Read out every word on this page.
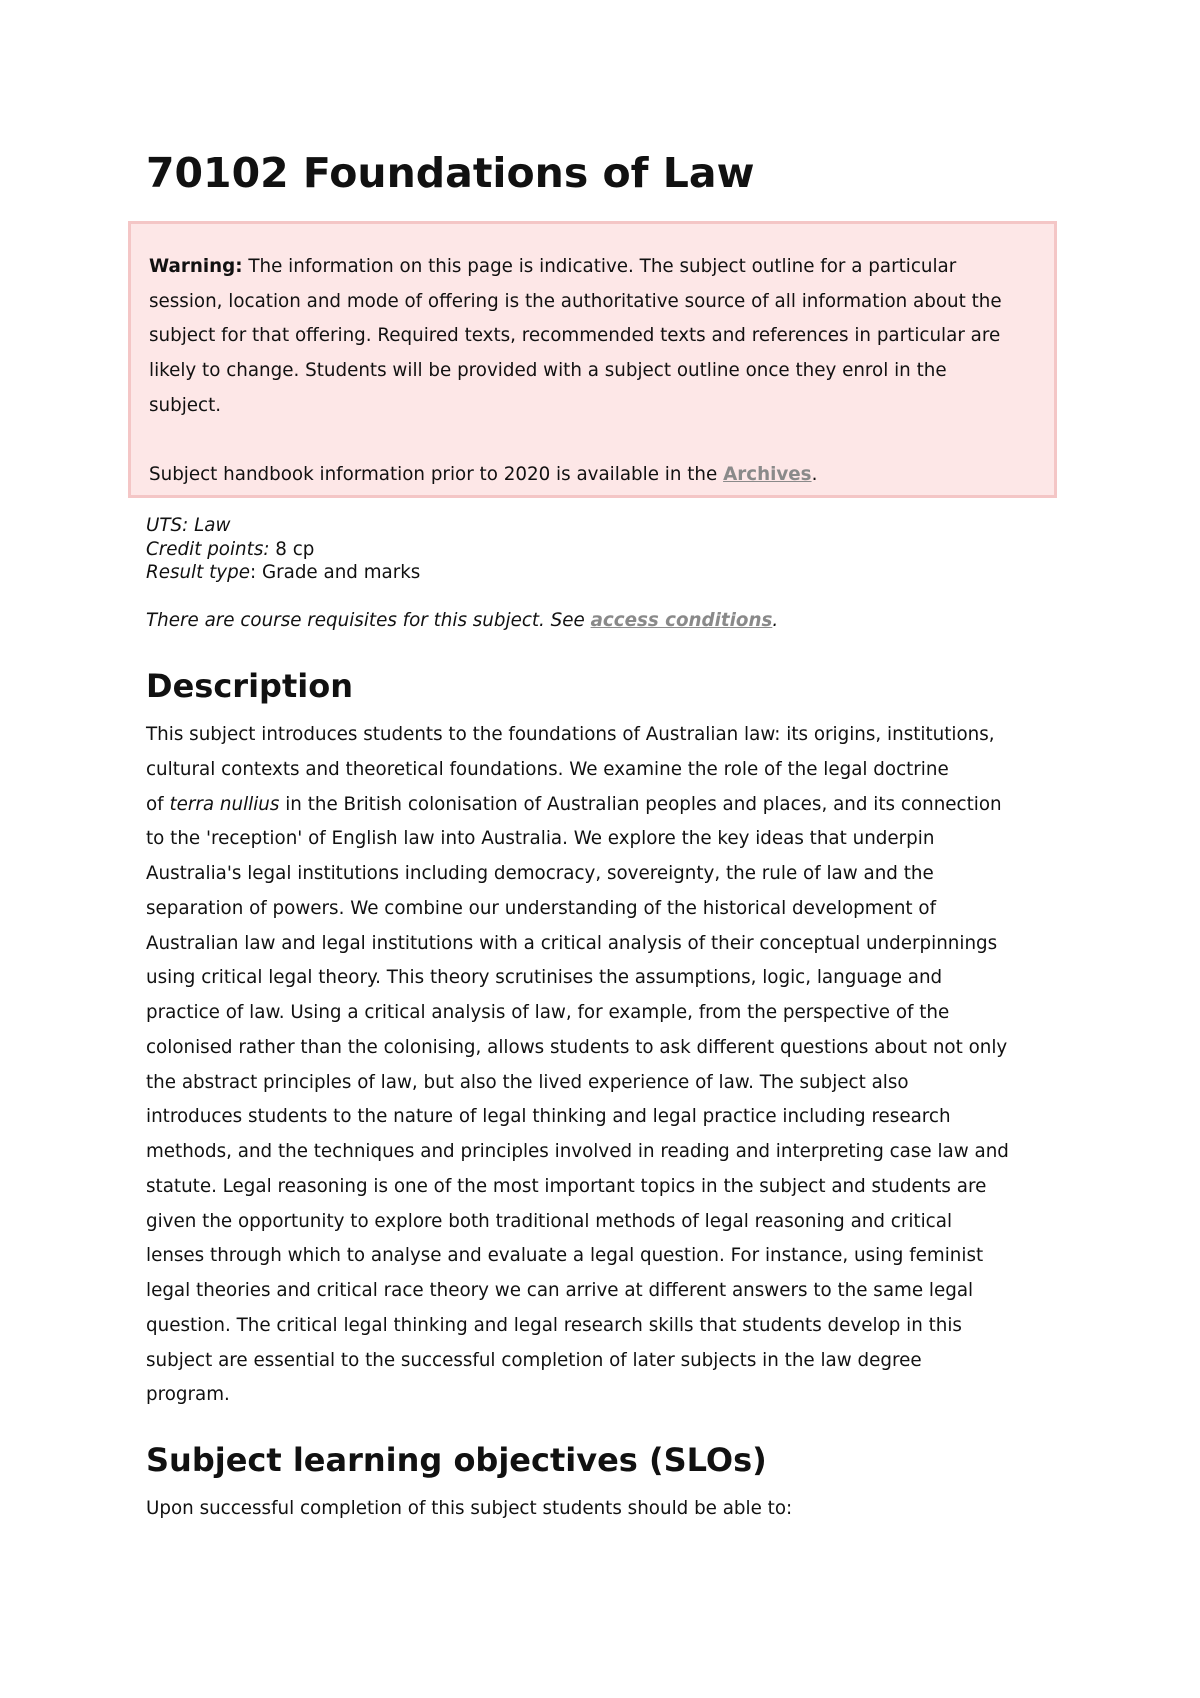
70102 Foundations of Law

Warning: The information on this page is indicative. The subject outline for a particular
session, location and mode of offering is the authoritative source of all information about the
subject for that offering. Required texts, recommended texts and references in particular are
likely to change. Students will be provided with a subject outline once they enrol in the
subject.

Subject handbook information prior to 2020 is available in the Archives.

UTS: Law
Credit points: 8 cp
Result type: Grade and marks
There are course requisites for this subject. See access conditions.
Description
This subject introduces students to the foundations of Australian law: its origins, institutions,
cultural contexts and theoretical foundations. We examine the role of the legal doctrine
of terra nullius in the British colonisation of Australian peoples and places, and its connection
to the 'reception' of English law into Australia. We explore the key ideas that underpin
Australia's legal institutions including democracy, sovereignty, the rule of law and the
separation of powers. We combine our understanding of the historical development of
Australian law and legal institutions with a critical analysis of their conceptual underpinnings
using critical legal theory. This theory scrutinises the assumptions, logic, language and
practice of law. Using a critical analysis of law, for example, from the perspective of the
colonised rather than the colonising, allows students to ask different questions about not only
the abstract principles of law, but also the lived experience of law. The subject also
introduces students to the nature of legal thinking and legal practice including research
methods, and the techniques and principles involved in reading and interpreting case law and
statute. Legal reasoning is one of the most important topics in the subject and students are
given the opportunity to explore both traditional methods of legal reasoning and critical
lenses through which to analyse and evaluate a legal question. For instance, using feminist
legal theories and critical race theory we can arrive at different answers to the same legal
question. The critical legal thinking and legal research skills that students develop in this
subject are essential to the successful completion of later subjects in the law degree
program.
Subject learning objectives (SLOs)
Upon successful completion of this subject students should be able to:
